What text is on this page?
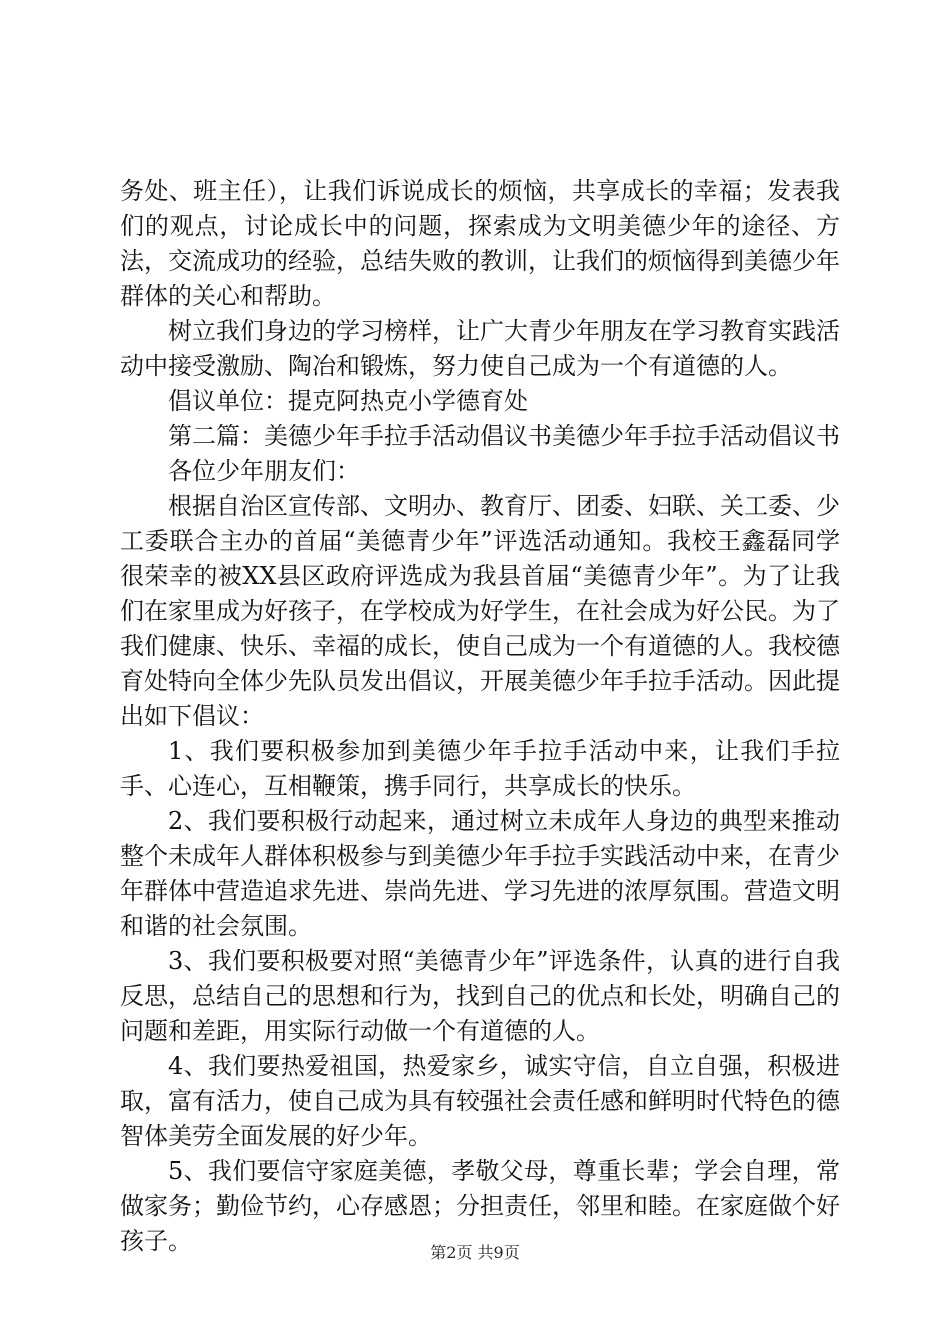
务处、班主任），让我们诉说成长的烦恼，共享成长的幸福；发表我们的观点，讨论成长中的问题，探索成为文明美德少年的途径、方法，交流成功的经验，总结失败的教训，让我们的烦恼得到美德少年群体的关心和帮助。

树立我们身边的学习榜样，让广大青少年朋友在学习教育实践活动中接受激励、陶冶和锻炼，努力使自己成为一个有道德的人。

倡议单位：提克阿热克小学德育处

第二篇：美德少年手拉手活动倡议书美德少年手拉手活动倡议书

各位少年朋友们：

根据自治区宣传部、文明办、教育厅、团委、妇联、关工委、少工委联合主办的首届“美德青少年”评选活动通知。我校王鑫磊同学很荣幸的被XX县区政府评选成为我县首届“美德青少年”。为了让我们在家里成为好孩子，在学校成为好学生，在社会成为好公民。为了我们健康、快乐、幸福的成长，使自己成为一个有道德的人。我校德育处特向全体少先队员发出倡议，开展美德少年手拉手活动。因此提出如下倡议：

1、我们要积极参加到美德少年手拉手活动中来，让我们手拉手、心连心，互相鞭策，携手同行，共享成长的快乐。

2、我们要积极行动起来，通过树立未成年人身边的典型来推动整个未成年人群体积极参与到美德少年手拉手实践活动中来，在青少年群体中营造追求先进、崇尚先进、学习先进的浓厚氛围。营造文明和谐的社会氛围。

3、我们要积极要对照“美德青少年”评选条件，认真的进行自我反思，总结自己的思想和行为，找到自己的优点和长处，明确自己的问题和差距，用实际行动做一个有道德的人。

4、我们要热爱祖国，热爱家乡，诚实守信，自立自强，积极进取，富有活力，使自己成为具有较强社会责任感和鲜明时代特色的德智体美劳全面发展的好少年。

5、我们要信守家庭美德，孝敬父母，尊重长辈；学会自理，常做家务；勤俭节约，心存感恩；分担责任，邻里和睦。在家庭做个好孩子。	第2页 共9页
